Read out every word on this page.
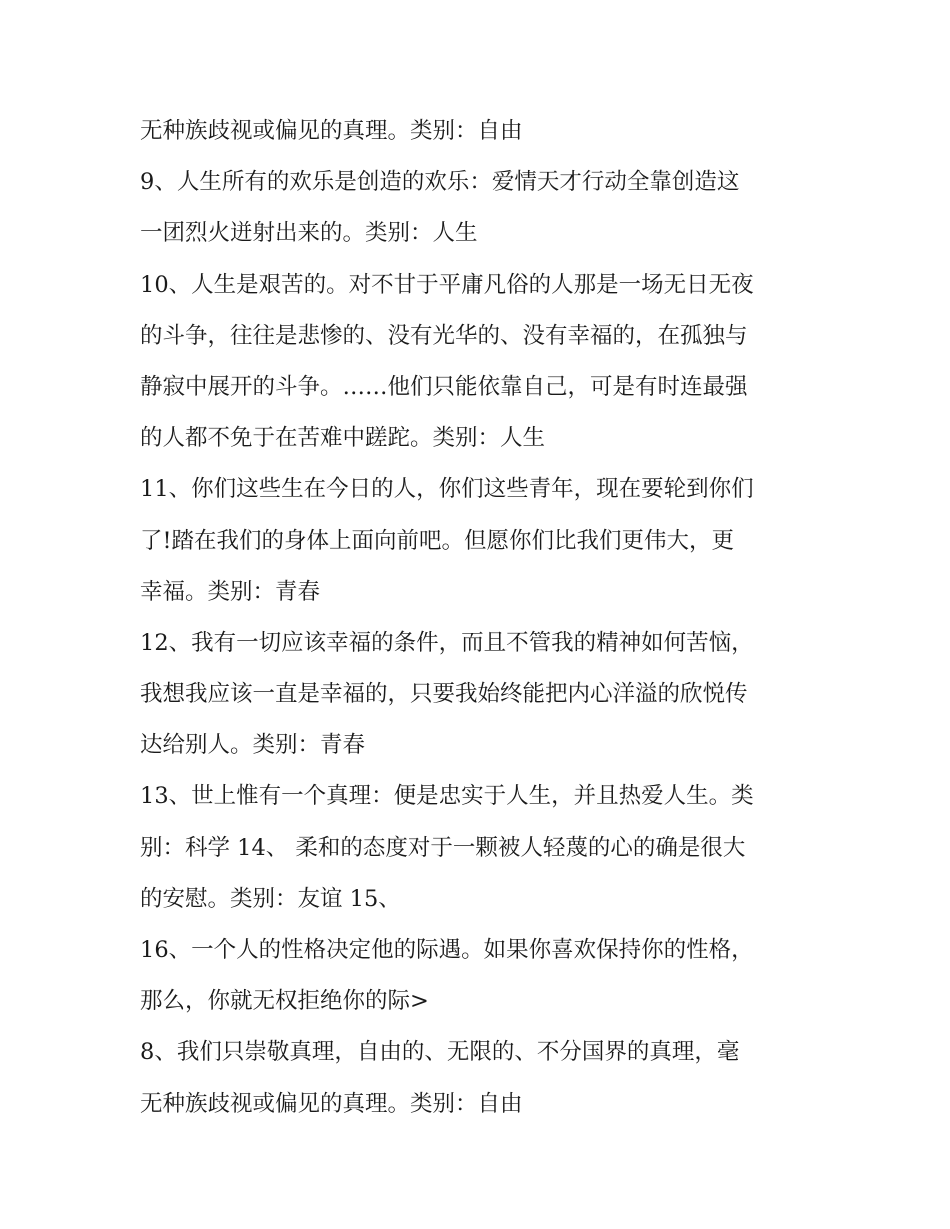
无种族歧视或偏见的真理。类别：自由
9、人生所有的欢乐是创造的欢乐：爱情天才行动全靠创造这
一团烈火迸射出来的。类别：人生
10、人生是艰苦的。对不甘于平庸凡俗的人那是一场无日无夜
的斗争，往往是悲惨的、没有光华的、没有幸福的，在孤独与
静寂中展开的斗争。……他们只能依靠自己，可是有时连最强
的人都不免于在苦难中蹉跎。类别：人生
11、你们这些生在今日的人，你们这些青年，现在要轮到你们
了!踏在我们的身体上面向前吧。但愿你们比我们更伟大，更
幸福。类别：青春
12、我有一切应该幸福的条件，而且不管我的精神如何苦恼，
我想我应该一直是幸福的，只要我始终能把内心洋溢的欣悦传
达给别人。类别：青春
13、世上惟有一个真理：便是忠实于人生，并且热爱人生。类
别：科学 14、 柔和的态度对于一颗被人轻蔑的心的确是很大
的安慰。类别：友谊 15、
16、一个人的性格决定他的际遇。如果你喜欢保持你的性格，
那么，你就无权拒绝你的际>
8、我们只崇敬真理，自由的、无限的、不分国界的真理，毫
无种族歧视或偏见的真理。类别：自由
